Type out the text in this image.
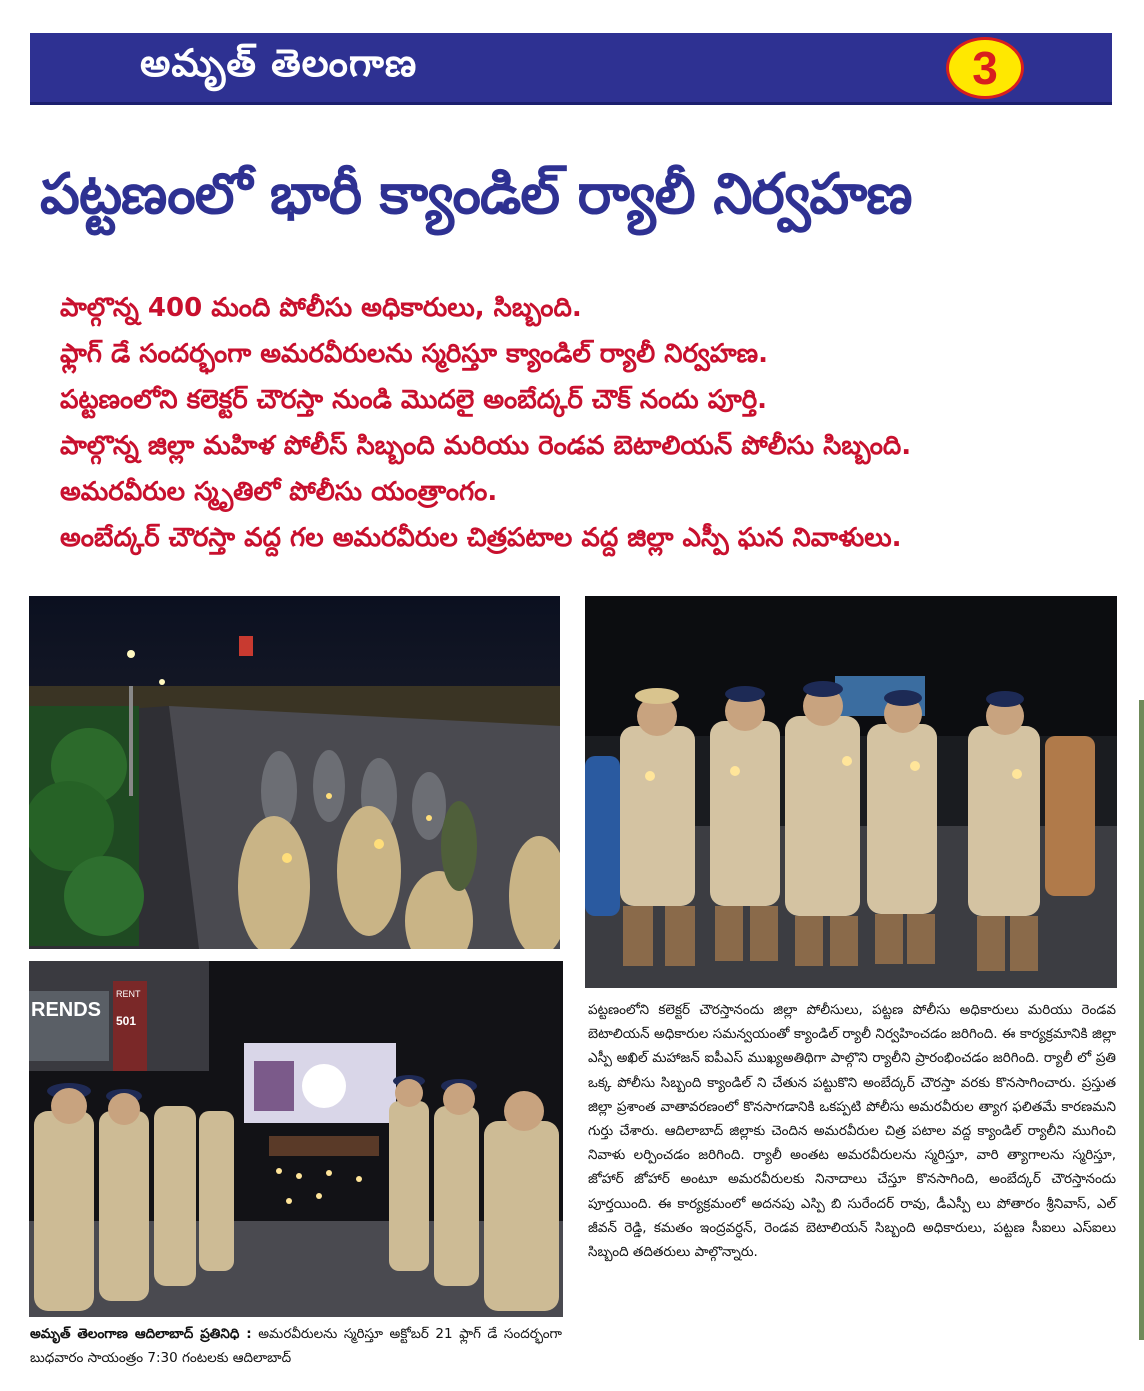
అమృత్ తెలంగాణ	3
పట్టణంలో భారీ క్యాండిల్ ర్యాలీ నిర్వహణ
పాల్గొన్న 400 మంది పోలీసు అధికారులు, సిబ్బంది.
ఫ్లాగ్ డే సందర్భంగా అమరవీరులను స్మరిస్తూ క్యాండిల్ ర్యాలీ నిర్వహణ.
పట్టణంలోని కలెక్టర్ చౌరస్తా నుండి మొదలై అంబేద్కర్ చౌక్ నందు పూర్తి.
పాల్గొన్న జిల్లా మహిళ పోలీస్ సిబ్బంది మరియు రెండవ బెటాలియన్ పోలీసు సిబ్బంది.
అమరవీరుల స్మృతిలో పోలీసు యంత్రాంగం.
అంబేద్కర్ చౌరస్తా వద్ద గల అమరవీరుల చిత్రపటాల వద్ద జిల్లా ఎస్పీ ఘన నివాళులు.
RENDS
RENT
501
పట్టణంలోని కలెక్టర్ చౌరస్తానందు జిల్లా పోలీసులు, పట్టణ పోలీసు అధికారులు మరియు రెండవ బెటాలియన్ అధికారుల సమన్వయంతో క్యాండిల్ ర్యాలీ నిర్వహించడం జరిగింది. ఈ కార్యక్రమానికి జిల్లా ఎస్పీ అఖిల్ మహాజన్ ఐపీఎస్ ముఖ్యఅతిథిగా పాల్గొని ర్యాలీని ప్రారంభించడం జరిగింది. ర్యాలీ లో ప్రతి ఒక్క పోలీసు సిబ్బంది క్యాండిల్ ని చేతున పట్టుకొని అంబేద్కర్ చౌరస్తా వరకు కొనసాగించారు. ప్రస్తుత జిల్లా ప్రశాంత వాతావరణంలో కొనసాగడానికి ఒకప్పటి పోలీసు అమరవీరుల త్యాగ ఫలితమే కారణమని గుర్తు చేశారు. ఆదిలాబాద్ జిల్లాకు చెందిన అమరవీరుల చిత్ర పటాల వద్ద క్యాండిల్ ర్యాలీని ముగించి నివాళు లర్పించడం జరిగింది. ర్యాలీ అంతట అమరవీరులను స్మరిస్తూ, వారి త్యాగాలను స్మరిస్తూ, జోహార్ జోహార్ అంటూ అమరవీరులకు నినాదాలు చేస్తూ కొనసాగింది, అంబేద్కర్ చౌరస్తానందు పూర్తయింది. ఈ కార్యక్రమంలో అదనపు ఎస్పి బి సురేందర్ రావు, డీఎస్పీ లు పోతారం శ్రీనివాస్, ఎల్ జీవన్ రెడ్డి, కమతం ఇంద్రవర్ధన్, రెండవ బెటాలియన్ సిబ్బంది అధికారులు, పట్టణ సీఐలు ఎస్ఐలు సిబ్బంది తదితరులు పాల్గొన్నారు.
అమృత్ తెలంగాణ ఆదిలాబాద్ ప్రతినిధి : అమరవీరులను స్మరిస్తూ అక్టోబర్ 21 ఫ్లాగ్ డే సందర్భంగా బుధవారం సాయంత్రం 7:30 గంటలకు ఆదిలాబాద్
